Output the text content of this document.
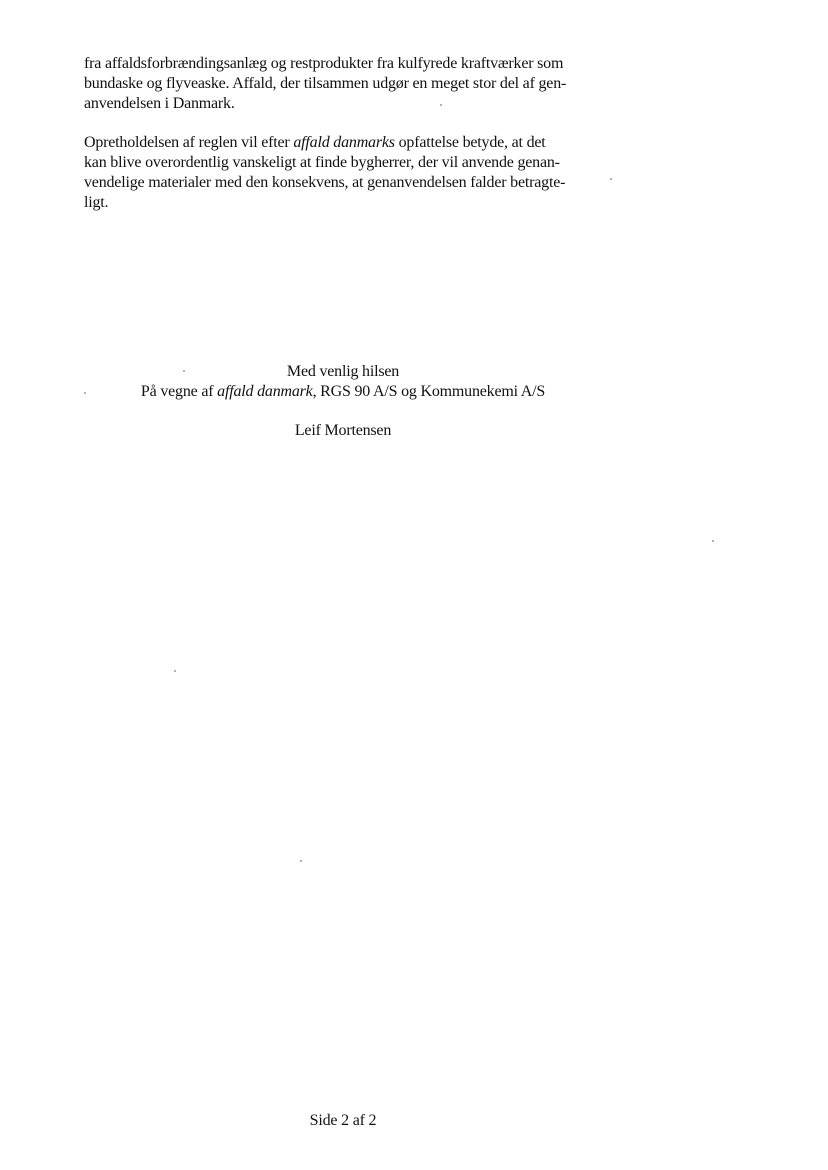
fra affaldsforbrændingsanlæg og restprodukter fra kulfyrede kraftværker som
bundaske og flyveaske. Affald, der tilsammen udgør en meget stor del af gen-
anvendelsen i Danmark.
Opretholdelsen af reglen vil efter affald danmarks opfattelse betyde, at det
kan blive overordentlig vanskeligt at finde bygherrer, der vil anvende genan-
vendelige materialer med den konsekvens, at genanvendelsen falder betragte-
ligt.
Med venlig hilsen
På vegne af affald danmark, RGS 90 A/S og Kommunekemi A/S
Leif Mortensen
Side 2 af 2
